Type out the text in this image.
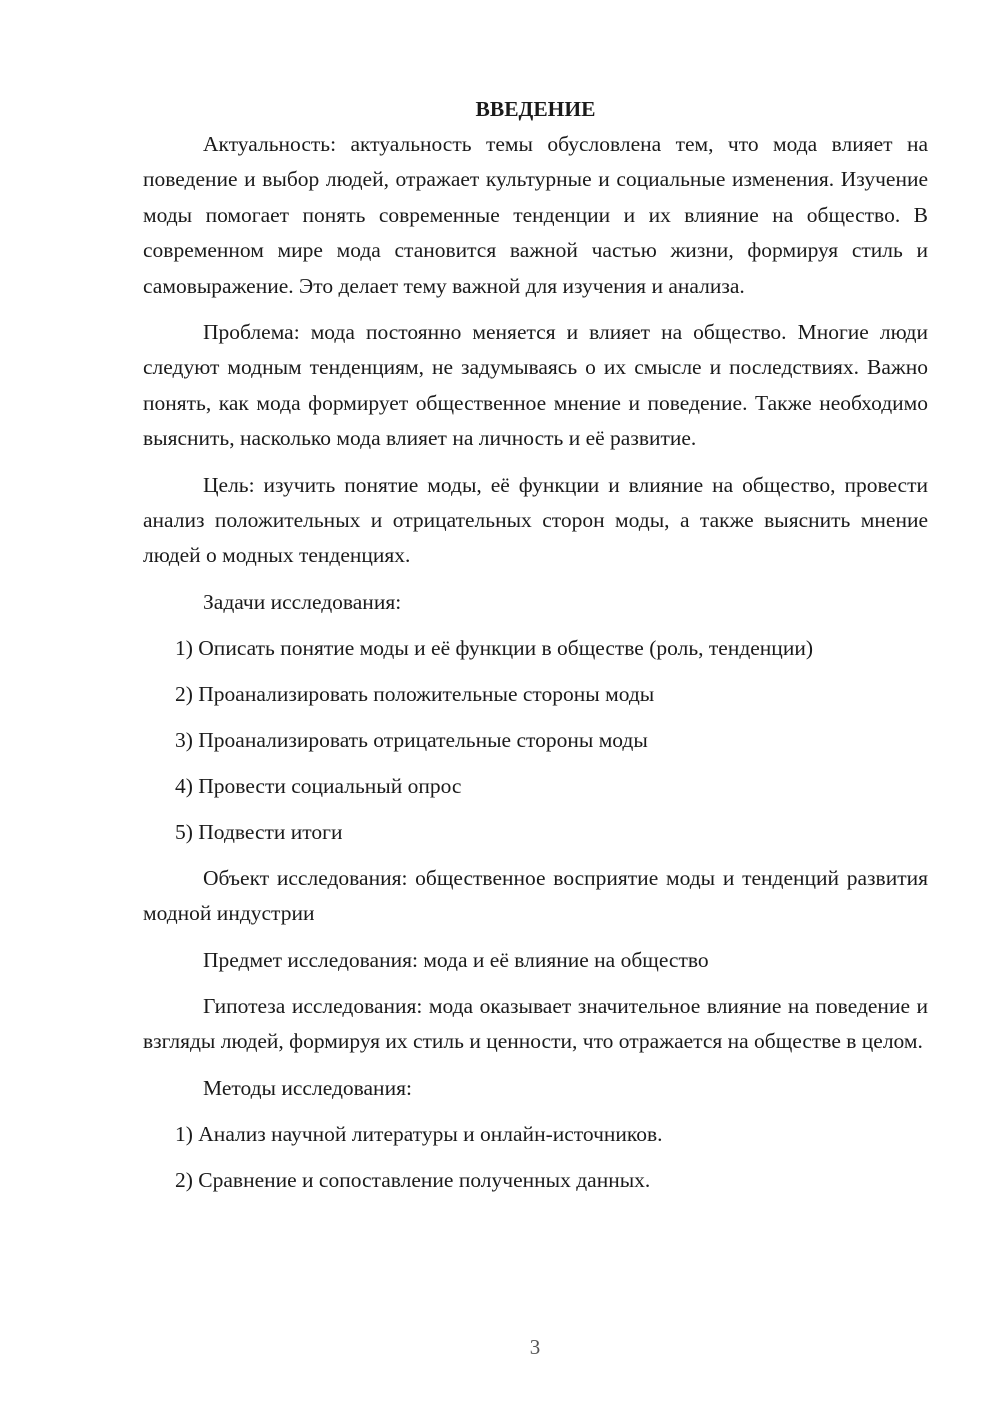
ВВЕДЕНИЕ

Актуальность: актуальность темы обусловлена тем, что мода влияет на поведение и выбор людей, отражает культурные и социальные изменения. Изучение моды помогает понять современные тенденции и их влияние на общество. В современном мире мода становится важной частью жизни, формируя стиль и самовыражение. Это делает тему важной для изучения и анализа.

Проблема: мода постоянно меняется и влияет на общество. Многие люди следуют модным тенденциям, не задумываясь о их смысле и последствиях. Важно понять, как мода формирует общественное мнение и поведение. Также необходимо выяснить, насколько мода влияет на личность и её развитие.

Цель: изучить понятие моды, её функции и влияние на общество, провести анализ положительных и отрицательных сторон моды, а также выяснить мнение людей о модных тенденциях.

Задачи исследования:

1) Описать понятие моды и её функции в обществе (роль, тенденции)

2) Проанализировать положительные стороны моды

3) Проанализировать отрицательные стороны моды

4) Провести социальный опрос

5) Подвести итоги

Объект исследования: общественное восприятие моды и тенденций развития модной индустрии

Предмет исследования: мода и её влияние на общество

Гипотеза исследования: мода оказывает значительное влияние на поведение и взгляды людей, формируя их стиль и ценности, что отражается на обществе в целом.

Методы исследования:

1) Анализ научной литературы и онлайн-источников.

2) Сравнение и сопоставление полученных данных.

3
